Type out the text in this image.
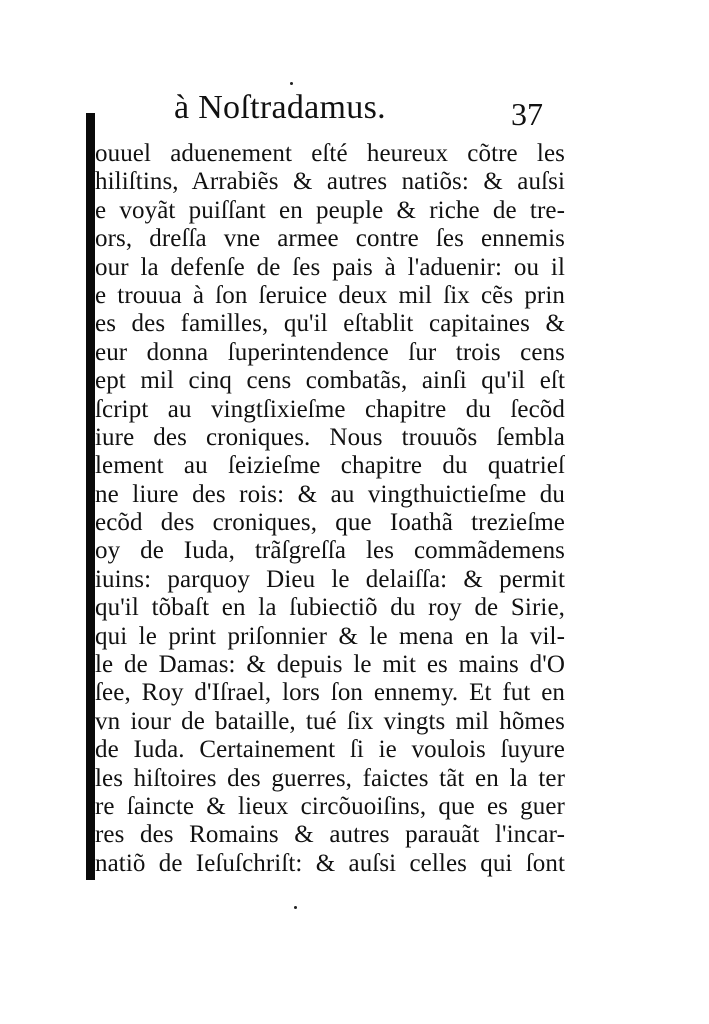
à Noſtradamus.	37
ouuel aduenement eſté heureux cõtre les
hiliſtins, Arrabiẽs & autres natiõs: & auſsi
e voyãt puiſſant en peuple & riche de tre-
ors, dreſſa vne armee contre ſes ennemis
our la defenſe de ſes pais à l'aduenir: ou il
e trouua à ſon ſeruice deux mil ſix cẽs prin
es des familles, qu'il eſtablit capitaines &
eur donna ſuperintendence ſur trois cens
ept mil cinq cens combatãs, ainſi qu'il eſt
ſcript au vingtſixieſme chapitre du ſecõd
iure des croniques. Nous trouuõs ſembla
lement au ſeizieſme chapitre du quatrieſ
ne liure des rois: & au vingthuictieſme du
ecõd des croniques, que Ioathã trezieſme
oy de Iuda, trãſgreſſa les commãdemens
iuins: parquoy Dieu le delaiſſa: & permit
qu'il tõbaſt en la ſubiectiõ du roy de Sirie,
qui le print priſonnier & le mena en la vil-
le de Damas: & depuis le mit es mains d'O
ſee, Roy d'Iſrael, lors ſon ennemy. Et fut en
vn iour de bataille, tué ſix vingts mil hõmes
de Iuda. Certainement ſi ie voulois ſuyure
les hiſtoires des guerres, faictes tãt en la ter
re ſaincte & lieux circõuoiſins, que es guer
res des Romains & autres parauãt l'incar-
natiõ de Ieſuſchriſt: & auſsi celles qui ſont
